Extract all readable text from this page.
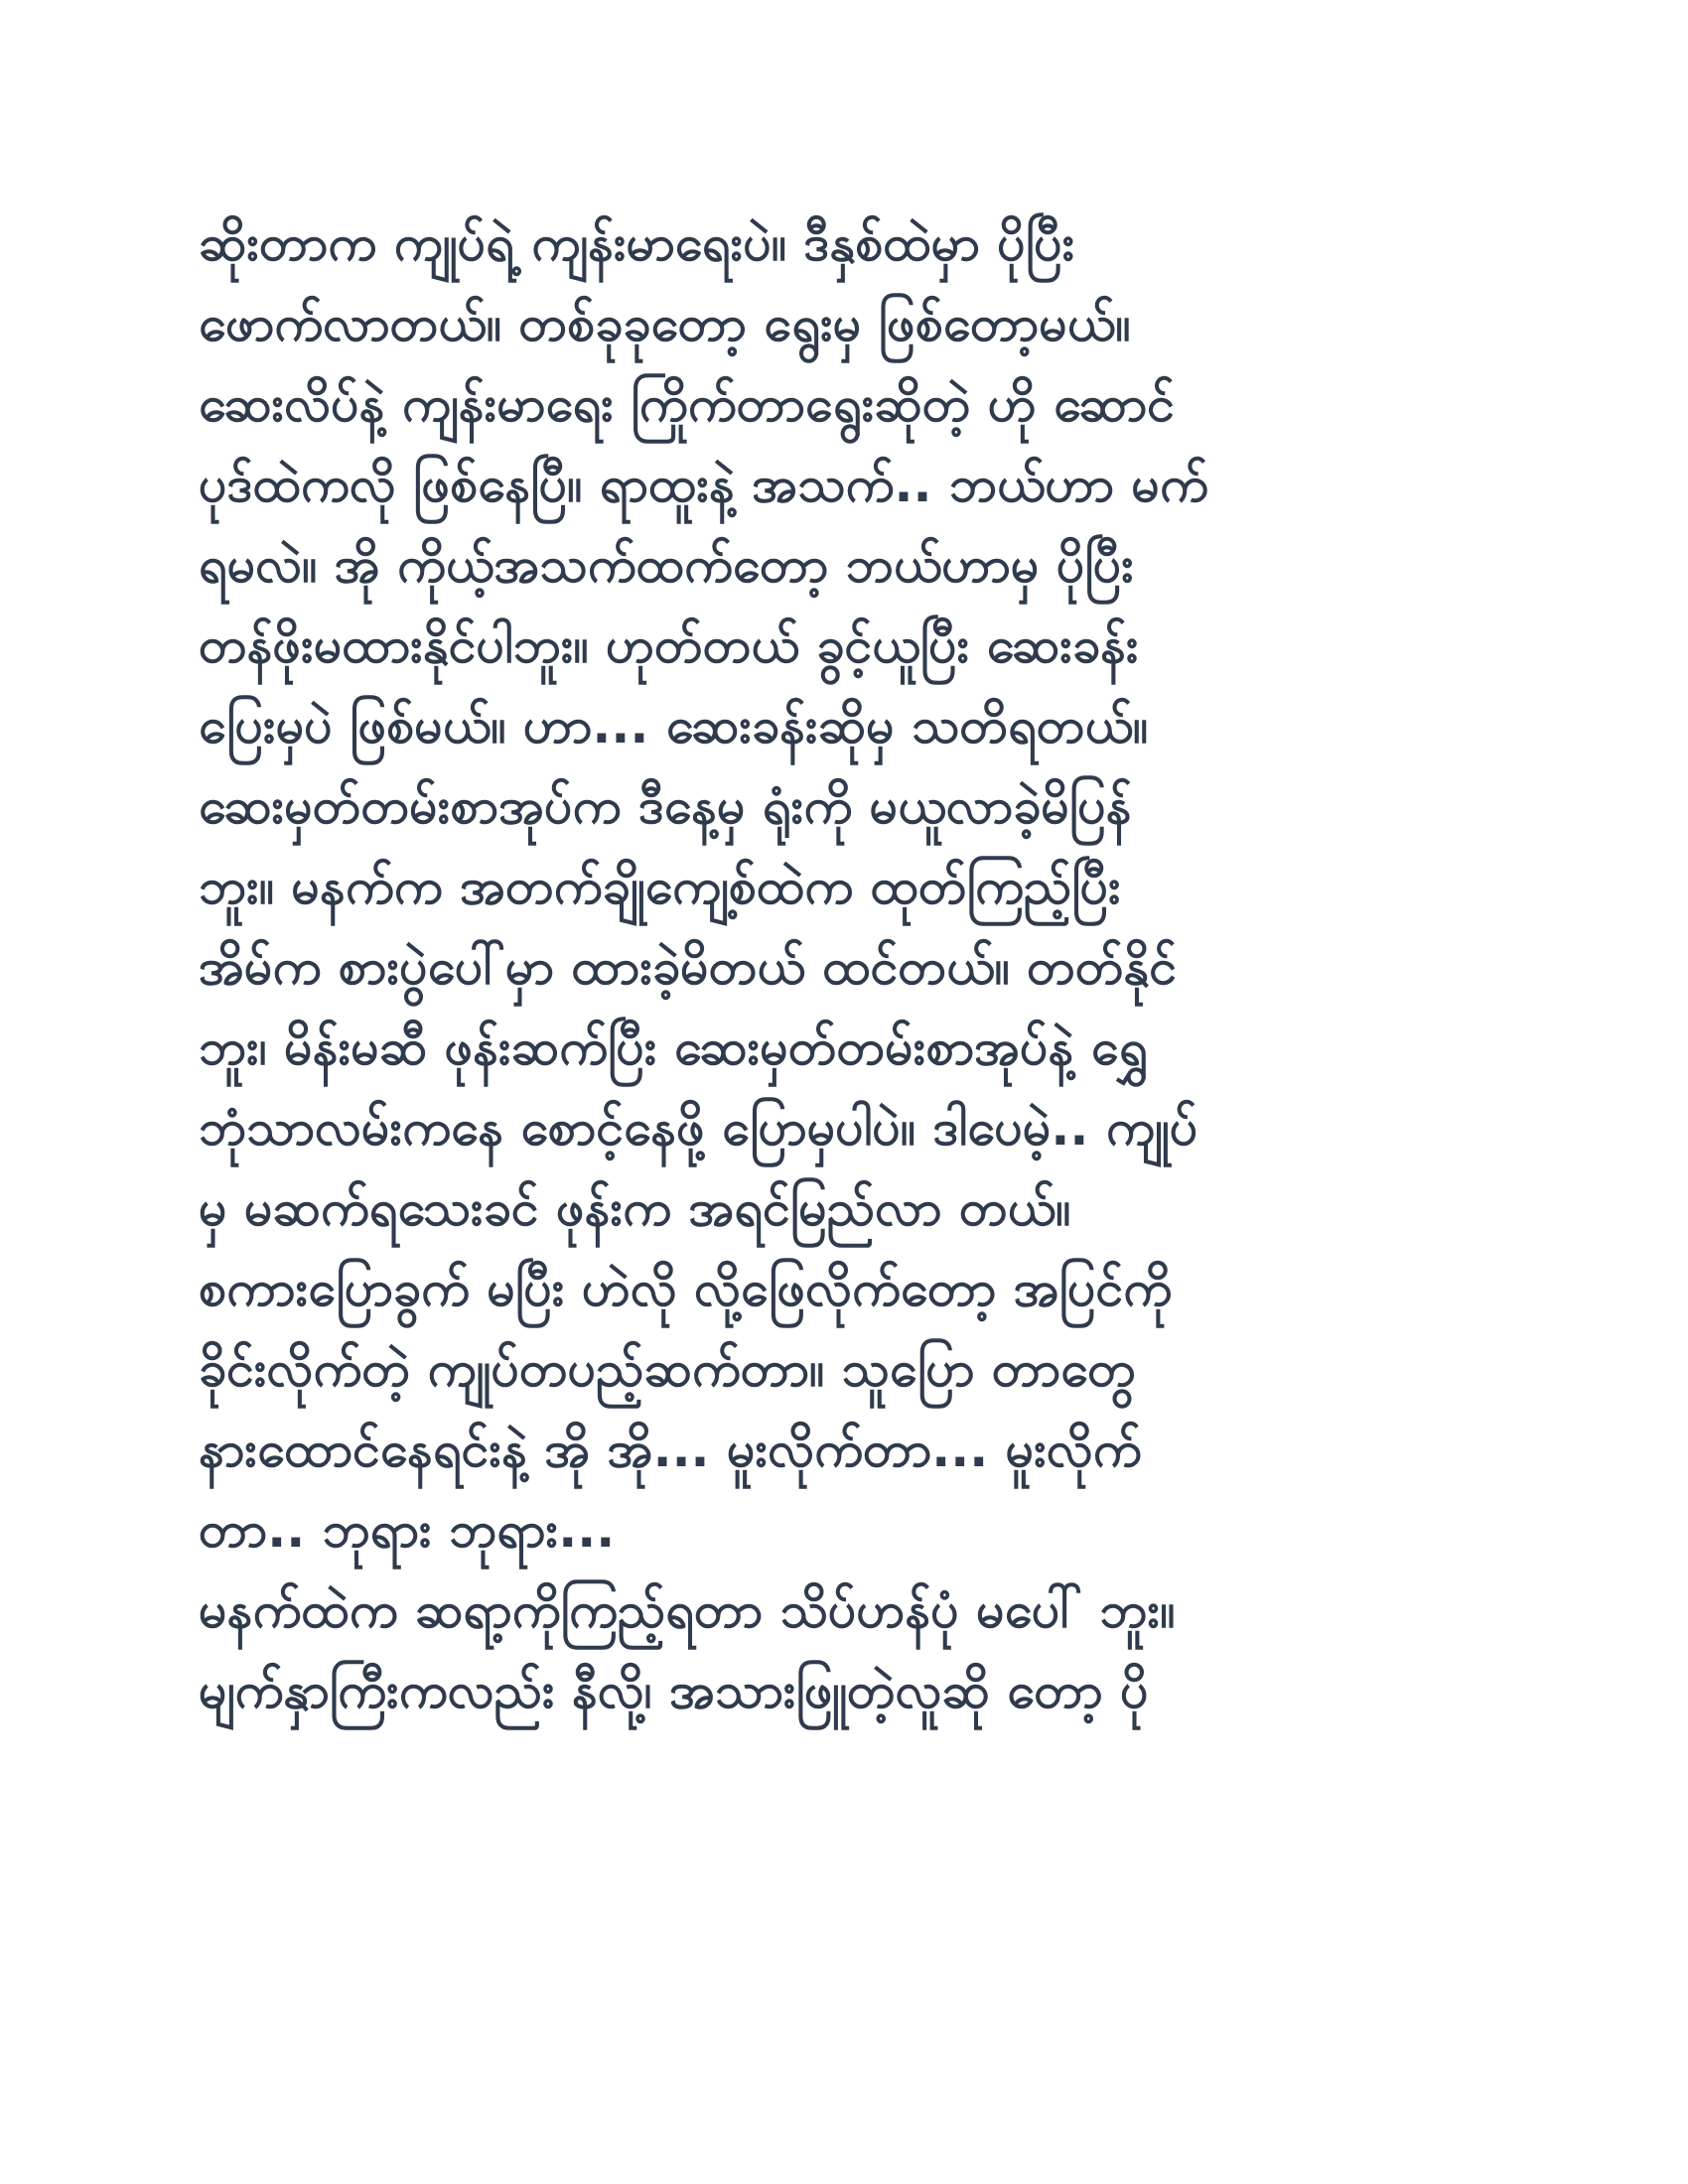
ဆိုးတာက ကျုပ်ရဲ့ ကျန်းမာရေးပဲ။ ဒီနှစ်ထဲမှာ ပိုပြီး
ဖောက်လာတယ်။ တစ်ခုခုတော့ ရွေးမှ ဖြစ်တော့မယ်။
ဆေးလိပ်နဲ့ ကျန်းမာရေး ကြိုက်တာရွေးဆိုတဲ့ ဟို ဆောင်
ပုဒ်ထဲကလို ဖြစ်နေပြီ။ ရာထူးနဲ့ အသက်.. ဘယ်ဟာ မက်
ရမလဲ။ အို ကိုယ့်အသက်ထက်တော့ ဘယ်ဟာမှ ပိုပြီး
တန်ဖိုးမထားနိုင်ပါဘူး။ ဟုတ်တယ် ခွင့်ယူပြီး ဆေးခန်း
ပြေးမှပဲ ဖြစ်မယ်။ ဟာ... ဆေးခန်းဆိုမှ သတိရတယ်။
ဆေးမှတ်တမ်းစာအုပ်က ဒီနေ့မှ ရုံးကို မယူလာခဲ့မိပြန်
ဘူး။ မနက်က အတက်ချိုကျေ့စ်ထဲက ထုတ်ကြည့်ပြီး
အိမ်က စားပွဲပေါ်မှာ ထားခဲ့မိတယ် ထင်တယ်။ တတ်နိုင်
ဘူး၊ မိန်းမဆီ ဖုန်းဆက်ပြီး ဆေးမှတ်တမ်းစာအုပ်နဲ့ ရွှေ
ဘုံသာလမ်းကနေ စောင့်နေဖို့ ပြောမှပါပဲ။ ဒါပေမဲ့.. ကျုပ်
မှ မဆက်ရသေးခင် ဖုန်းက အရင်မြည်လာ တယ်။
စကားပြောခွက် မပြီး ဟဲလို လို့ဖြေလိုက်တော့ အပြင်ကို
ခိုင်းလိုက်တဲ့ ကျုပ်တပည့်ဆက်တာ။ သူပြော တာတွေ
နားထောင်နေရင်းနဲ့ အို အို... မူးလိုက်တာ... မူးလိုက်
တာ.. ဘုရား ဘုရား...
မနက်ထဲက ဆရာ့ကိုကြည့်ရတာ သိပ်ဟန်ပုံ မပေါ် ဘူး။
မျက်နှာကြီးကလည်း နီလို့၊ အသားဖြူတဲ့လူဆို တော့ ပို
